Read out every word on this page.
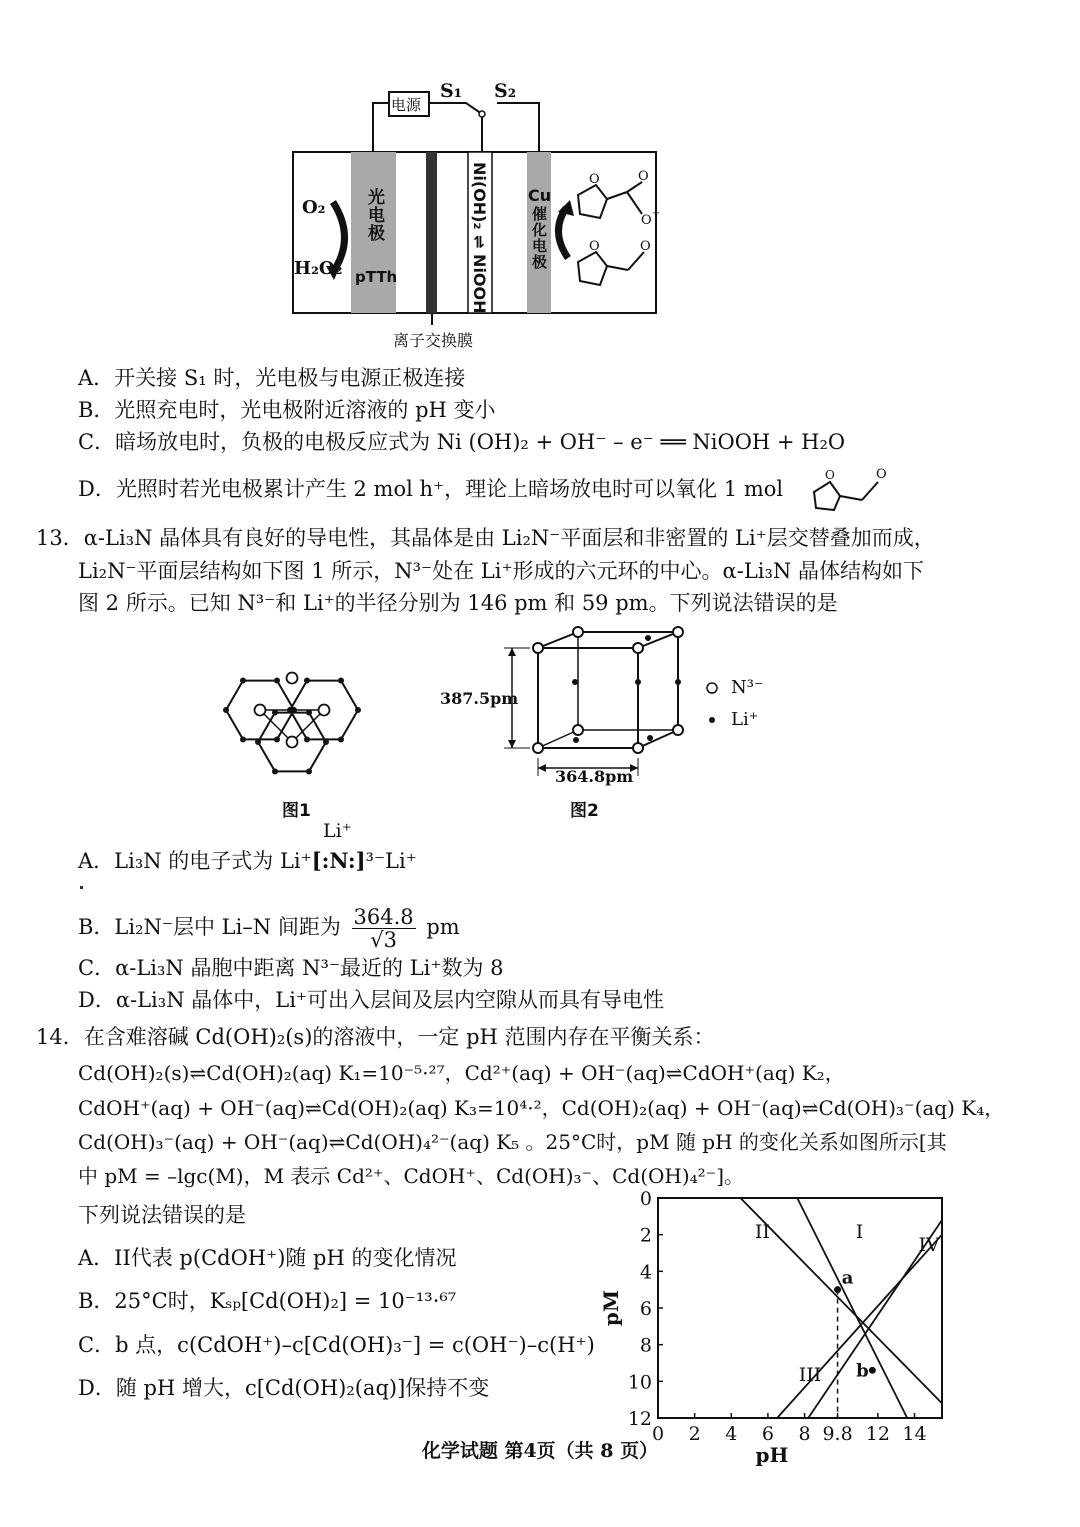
O	O
O −
O	O
电源
S₁ S₂
O₂
H₂O₂
光电极
pTTh	Ni(OH)₂ ⇌ NiOOH Cu
催化电极
离子交换膜
A．开关接 S₁ 时，光电极与电源正极连接
B．光照充电时，光电极附近溶液的 pH 变小
C．暗场放电时，负极的电极反应式为 Ni (OH)₂ + OH⁻ – e⁻ ══ NiOOH + H₂O
D．光照时若光电极累计产生 2 mol h⁺，理论上暗场放电时可以氧化 1 mol
O	O
13．α-Li₃N 晶体具有良好的导电性，其晶体是由 Li₂N⁻平面层和非密置的 Li⁺层交替叠加而成，
Li₂N⁻平面层结构如下图 1 所示，N³⁻处在 Li⁺形成的六元环的中心。α-Li₃N 晶体结构如下
图 2 所示。已知 N³⁻和 Li⁺的半径分别为 146 pm 和 59 pm。下列说法错误的是
图1
387.5pm
364.8pm
N³⁻
Li⁺
图2
Li⁺
A．Li₃N 的电子式为 Li⁺[:N:]³⁻Li⁺
B．Li₂N⁻层中 Li–N 间距为 $\frac{364.8}{√3}$ pm
C．α-Li₃N 晶胞中距离 N³⁻最近的 Li⁺数为 8
D．α-Li₃N 晶体中，Li⁺可出入层间及层内空隙从而具有导电性
14．在含难溶碱 Cd(OH)₂(s)的溶液中，一定 pH 范围内存在平衡关系：
Cd(OH)₂(s)⇌Cd(OH)₂(aq) K₁=10⁻⁵·²⁷，Cd²⁺(aq) + OH⁻(aq)⇌CdOH⁺(aq) K₂，
CdOH⁺(aq) + OH⁻(aq)⇌Cd(OH)₂(aq) K₃=10⁴·²，Cd(OH)₂(aq) + OH⁻(aq)⇌Cd(OH)₃⁻(aq) K₄，
Cd(OH)₃⁻(aq) + OH⁻(aq)⇌Cd(OH)₄²⁻(aq) K₅ 。25°C时，pM 随 pH 的变化关系如图所示[其
中 pM = –lgc(M)，M 表示 Cd²⁺、CdOH⁺、Cd(OH)₃⁻、Cd(OH)₄²⁻]。
下列说法错误的是
A．II代表 p(CdOH⁺)随 pH 的变化情况
B．25°C时，Kₛₚ[Cd(OH)₂] = 10⁻¹³·⁶⁷
C．b 点，c(CdOH⁺)–c[Cd(OH)₃⁻] = c(OH⁻)–c(H⁺)
D．随 pH 增大，c[Cd(OH)₂(aq)]保持不变
0 2 4 6 8 9.8 12 14
0
2
4
6
8
10
12
pH
pM
I
II
III
IV
a
b
化学试题 第4页（共 8 页）
